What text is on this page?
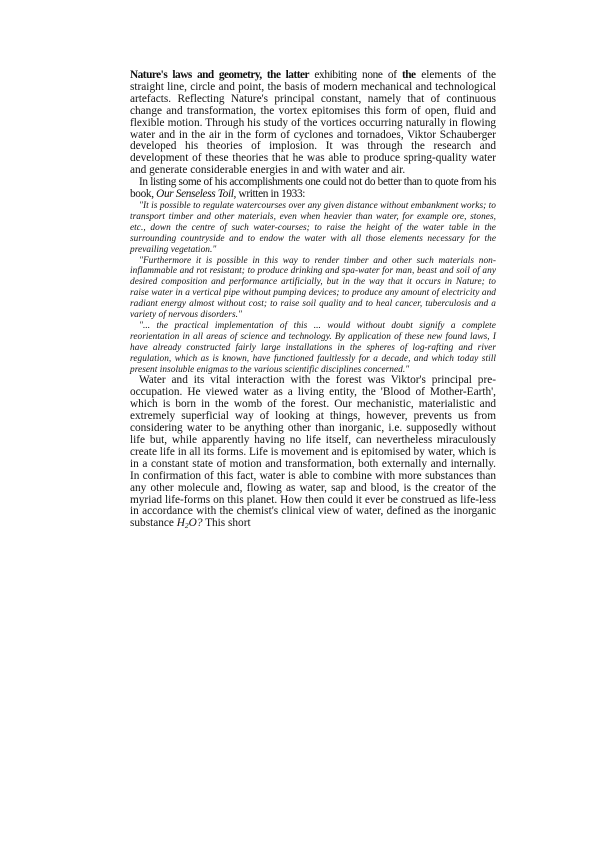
Nature's laws and geometry, the latter exhibiting none of the elements of the straight line, circle and point, the basis of modern mechanical and technological artefacts. Reflecting Nature's principal constant, namely that of continuous change and transformation, the vortex epitomises this form of open, fluid and flexible motion. Through his study of the vortices occurring naturally in flowing water and in the air in the form of cyclones and tornadoes, Viktor Schauberger developed his theories of implosion. It was through the research and development of these theories that he was able to produce spring-quality water and generate considerable energies in and with water and air.

In listing some of his accomplishments one could not do better than to quote from his book, Our Senseless Toil, written in 1933:

"It is possible to regulate watercourses over any given distance without embankment works; to transport timber and other materials, even when heavier than water, for example ore, stones, etc., down the centre of such water-courses; to raise the height of the water table in the surrounding countryside and to endow the water with all those elements necessary for the prevailing vegetation."

"Furthermore it is possible in this way to render timber and other such materials non-inflammable and rot resistant; to produce drinking and spa-water for man, beast and soil of any desired composition and performance artificially, but in the way that it occurs in Nature; to raise water in a vertical pipe without pumping devices; to produce any amount of electricity and radiant energy almost without cost; to raise soil quality and to heal cancer, tuberculosis and a variety of nervous disorders."

"... the practical implementation of this ... would without doubt signify a complete reorientation in all areas of science and technology. By application of these new found laws, I have already constructed fairly large installations in the spheres of log-rafting and river regulation, which as is known, have functioned faultlessly for a decade, and which today still present insoluble enigmas to the various scientific disciplines concerned."

Water and its vital interaction with the forest was Viktor's principal preoccupation. He viewed water as a living entity, the 'Blood of Mother-Earth', which is born in the womb of the forest. Our mechanistic, materialistic and extremely superficial way of looking at things, however, prevents us from considering water to be anything other than inorganic, i.e. supposedly without life but, while apparently having no life itself, can nevertheless miraculously create life in all its forms. Life is movement and is epitomised by water, which is in a constant state of motion and transformation, both externally and internally. In confirmation of this fact, water is able to combine with more substances than any other molecule and, flowing as water, sap and blood, is the creator of the myriad life-forms on this planet. How then could it ever be construed as life-less in accordance with the chemist's clinical view of water, defined as the inorganic substance $H_2O$? This short
